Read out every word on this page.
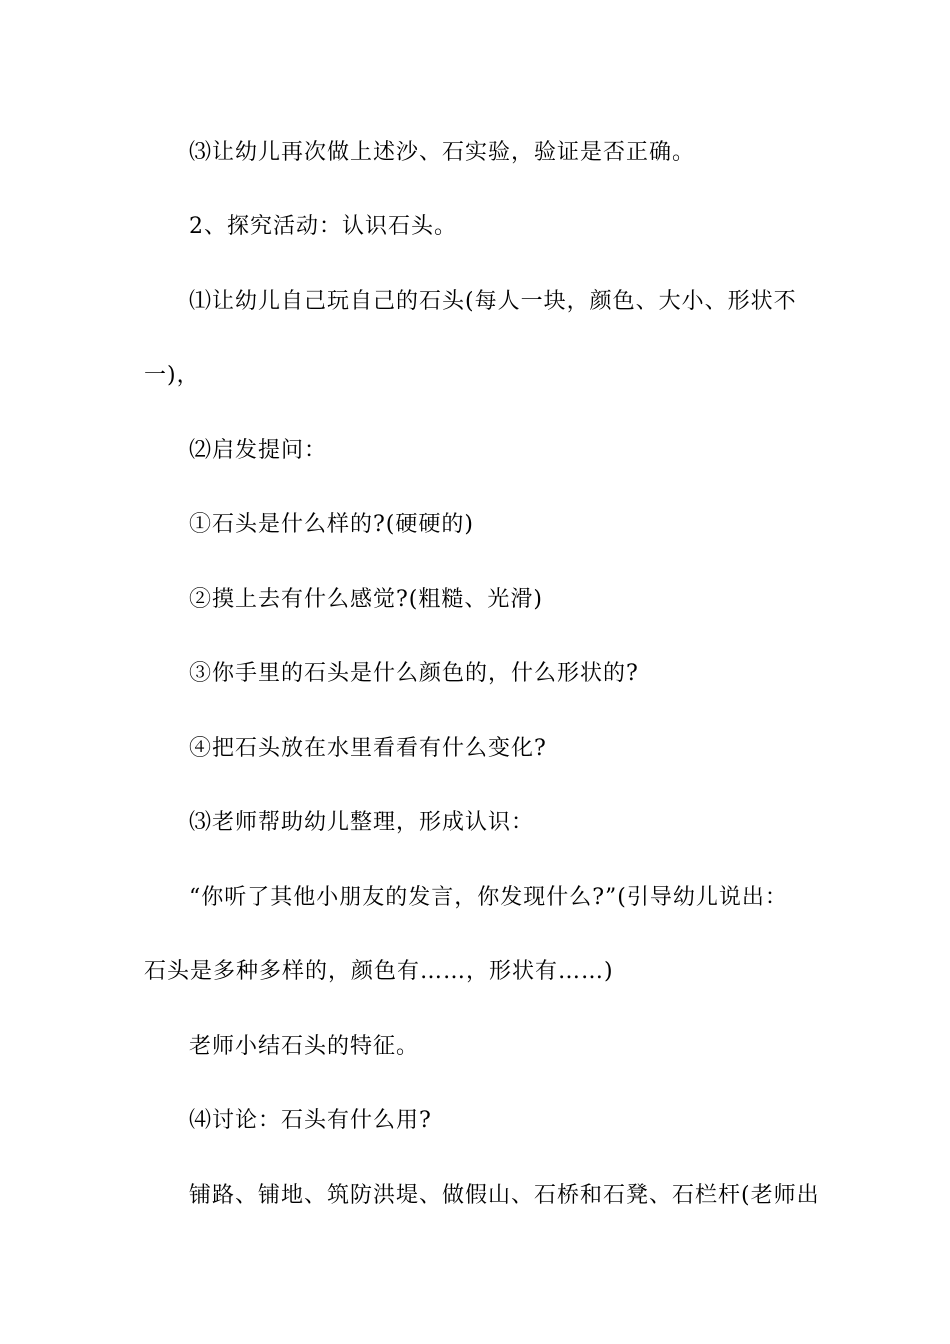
⑶让幼儿再次做上述沙、石实验，验证是否正确。
2、探究活动：认识石头。
⑴让幼儿自己玩自己的石头(每人一块，颜色、大小、形状不
一)，
⑵启发提问：
①石头是什么样的?(硬硬的)
②摸上去有什么感觉?(粗糙、光滑)
③你手里的石头是什么颜色的，什么形状的?
④把石头放在水里看看有什么变化?
⑶老师帮助幼儿整理，形成认识：
“你听了其他小朋友的发言，你发现什么?”(引导幼儿说出：
石头是多种多样的，颜色有……，形状有……)
老师小结石头的特征。
⑷讨论：石头有什么用?
铺路、铺地、筑防洪堤、做假山、石桥和石凳、石栏杆(老师出
